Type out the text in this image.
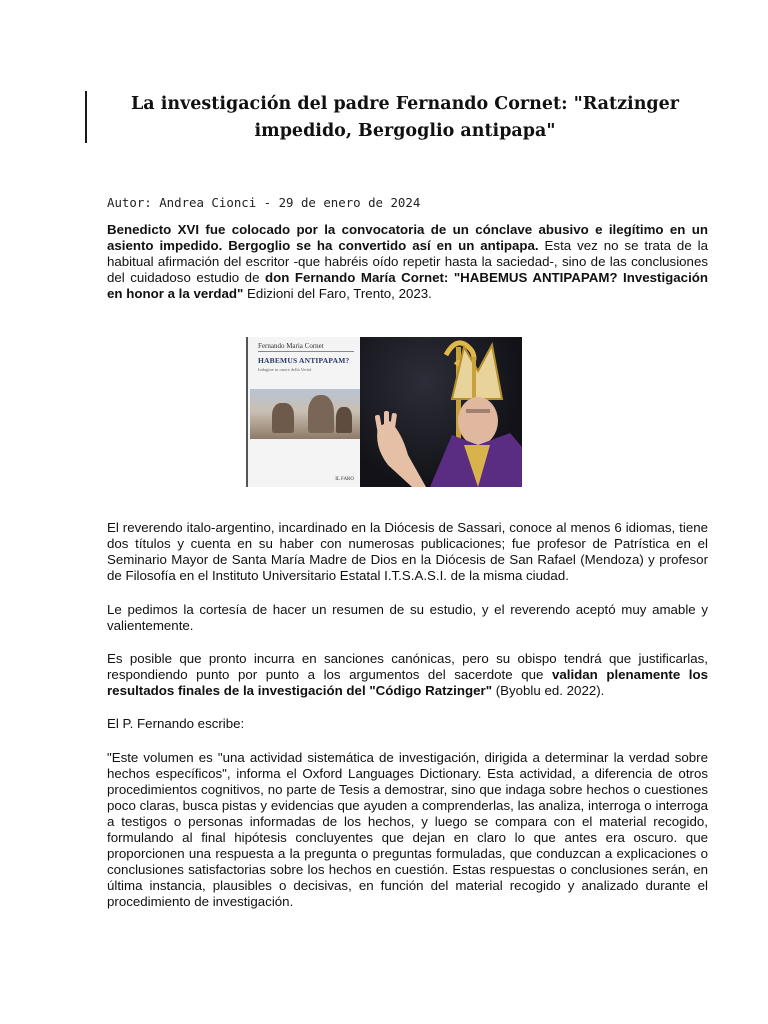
La investigación del padre Fernando Cornet: "Ratzinger impedido, Bergoglio antipapa"
Autor: Andrea Cionci - 29 de enero de 2024

Benedicto XVI fue colocado por la convocatoria de un cónclave abusivo e ilegítimo en un asiento impedido. Bergoglio se ha convertido así en un antipapa. Esta vez no se trata de la habitual afirmación del escritor -que habréis oído repetir hasta la saciedad-, sino de las conclusiones del cuidadoso estudio de don Fernando María Cornet: "HABEMUS ANTIPAPAM? Investigación en honor a la verdad" Edizioni del Faro, Trento, 2023.

Fernando Maria Cornet
HABEMUS ANTIPAPAM?
Indagine in onore della Verità
IL FARO

El reverendo italo-argentino, incardinado en la Diócesis de Sassari, conoce al menos 6 idiomas, tiene dos títulos y cuenta en su haber con numerosas publicaciones; fue profesor de Patrística en el Seminario Mayor de Santa María Madre de Dios en la Diócesis de San Rafael (Mendoza) y profesor de Filosofía en el Instituto Universitario Estatal I.T.S.A.S.I. de la misma ciudad.

Le pedimos la cortesía de hacer un resumen de su estudio, y el reverendo aceptó muy amable y valientemente.

Es posible que pronto incurra en sanciones canónicas, pero su obispo tendrá que justificarlas, respondiendo punto por punto a los argumentos del sacerdote que validan plenamente los resultados finales de la investigación del "Código Ratzinger" (Byoblu ed. 2022).

El P. Fernando escribe:

"Este volumen es "una actividad sistemática de investigación, dirigida a determinar la verdad sobre hechos específicos", informa el Oxford Languages Dictionary. Esta actividad, a diferencia de otros procedimientos cognitivos, no parte de Tesis a demostrar, sino que indaga sobre hechos o cuestiones poco claras, busca pistas y evidencias que ayuden a comprenderlas, las analiza, interroga o interroga a testigos o personas informadas de los hechos, y luego se compara con el material recogido, formulando al final hipótesis concluyentes que dejan en claro lo que antes era oscuro. que proporcionen una respuesta a la pregunta o preguntas formuladas, que conduzcan a explicaciones o conclusiones satisfactorias sobre los hechos en cuestión. Estas respuestas o conclusiones serán, en última instancia, plausibles o decisivas, en función del material recogido y analizado durante el procedimiento de investigación.
